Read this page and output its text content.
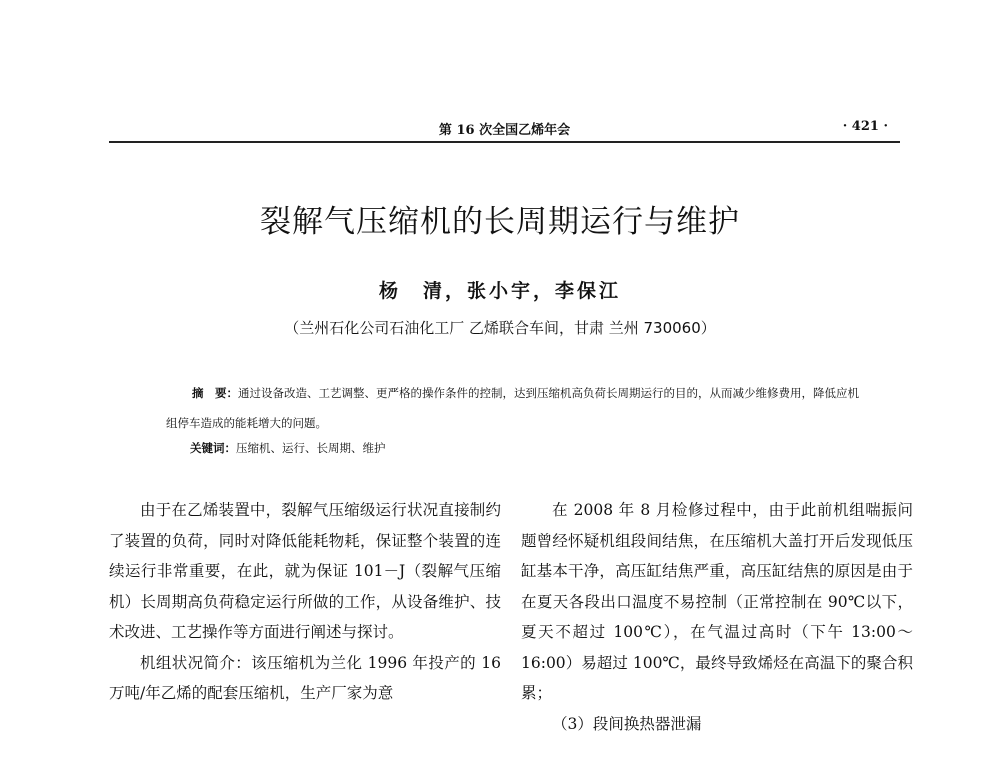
第 16 次全国乙烯年会	· 421 ·
裂解气压缩机的长周期运行与维护
杨　清，张小宇，李保江
（兰州石化公司石油化工厂 乙烯联合车间，甘肃 兰州 730060）
摘　要：通过设备改造、工艺调整、更严格的操作条件的控制，达到压缩机高负荷长周期运行的目的，从而减少维修费用，降低应机组停车造成的能耗增大的问题。
关键词：压缩机、运行、长周期、维护

由于在乙烯装置中，裂解气压缩级运行状况直接制约了装置的负荷，同时对降低能耗物耗，保证整个装置的连续运行非常重要，在此，就为保证 101－J（裂解气压缩机）长周期高负荷稳定运行所做的工作，从设备维护、技术改进、工艺操作等方面进行阐述与探讨。

机组状况简介：该压缩机为兰化 1996 年投产的 16 万吨/年乙烯的配套压缩机，生产厂家为意

在 2008 年 8 月检修过程中，由于此前机组喘振问题曾经怀疑机组段间结焦，在压缩机大盖打开后发现低压缸基本干净，高压缸结焦严重，高压缸结焦的原因是由于在夏天各段出口温度不易控制（正常控制在 90℃以下，夏天不超过 100℃），在气温过高时（下午 13:00～16:00）易超过 100℃，最终导致烯烃在高温下的聚合积累；

（3）段间换热器泄漏
